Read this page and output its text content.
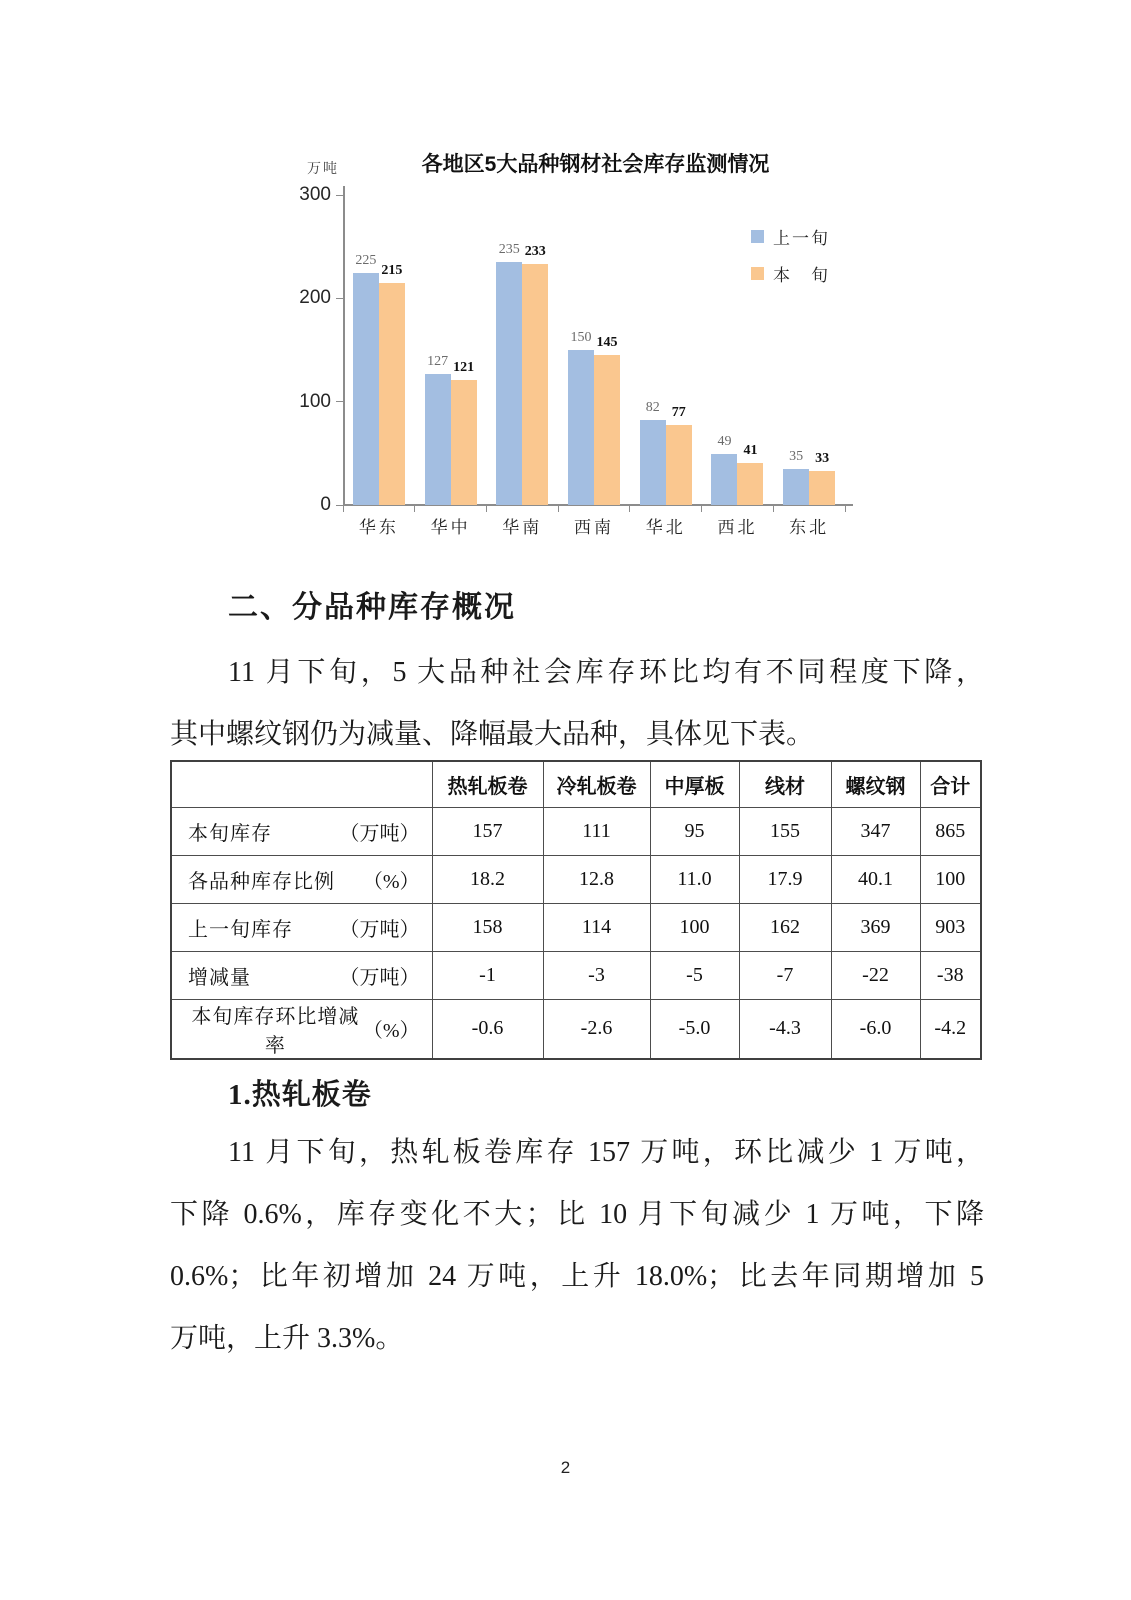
万吨	各地区5大品种钢材社会库存监测情况
0
100
200
300
225
215
127 121
235 233
150 145
82 77
49
41 35 33
华东	华中	华南	西南	华北	西北	东北
上一旬
本　旬
二、分品种库存概况
11 月下旬，5 大品种社会库存环比均有不同程度下降，
其中螺纹钢仍为减量、降幅最大品种，具体见下表。
	热轧板卷	冷轧板卷	中厚板	线材	螺纹钢	合计

本旬库存 （万吨）	157	111	95	155	347	865

各品种库存比例 （%）	18.2	12.8	11.0	17.9	40.1	100

上一旬库存 （万吨）	158	114	100	162	369	903

增减量 （万吨）	-1	-3	-5	-7	-22	-38

本旬库存环比增减率
（%）	-0.6	-2.6	-5.0	-4.3	-6.0	-4.2
1.热轧板卷
11 月下旬，热轧板卷库存 157 万吨，环比减少 1 万吨，
下降 0.6%，库存变化不大；比 10 月下旬减少 1 万吨，下降
0.6%；比年初增加 24 万吨，上升 18.0%；比去年同期增加 5
万吨，上升 3.3%。
2
